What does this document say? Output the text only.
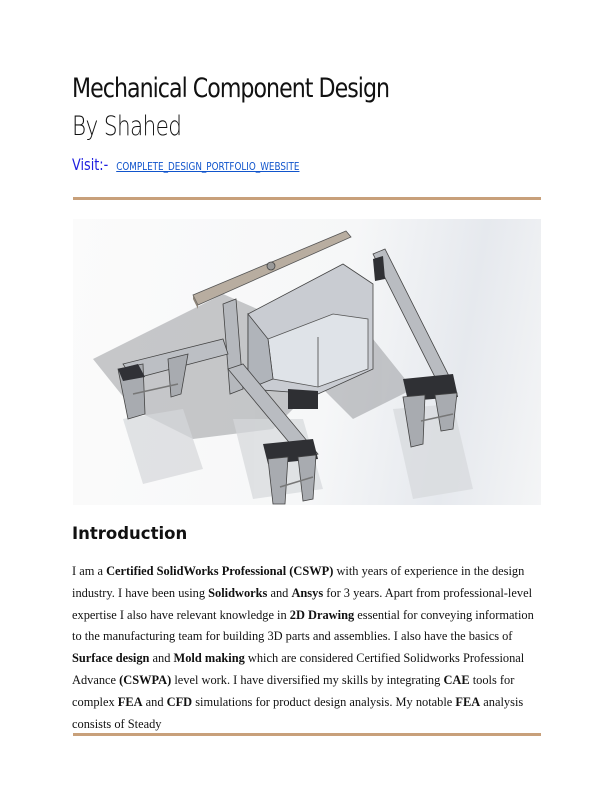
Mechanical Component Design
By Shahed
Visit:- COMPLETE_DESIGN_PORTFOLIO_WEBSITE
Introduction
I am a Certified SolidWorks Professional (CSWP) with years of experience in the design industry. I have been using Solidworks and Ansys for 3 years. Apart from professional-level expertise I also have relevant knowledge in 2D Drawing essential for conveying information to the manufacturing team for building 3D parts and assemblies. I also have the basics of Surface design and Mold making which are considered Certified Solidworks Professional Advance (CSWPA) level work. I have diversified my skills by integrating CAE tools for complex FEA and CFD simulations for product design analysis. My notable FEA analysis consists of Steady
